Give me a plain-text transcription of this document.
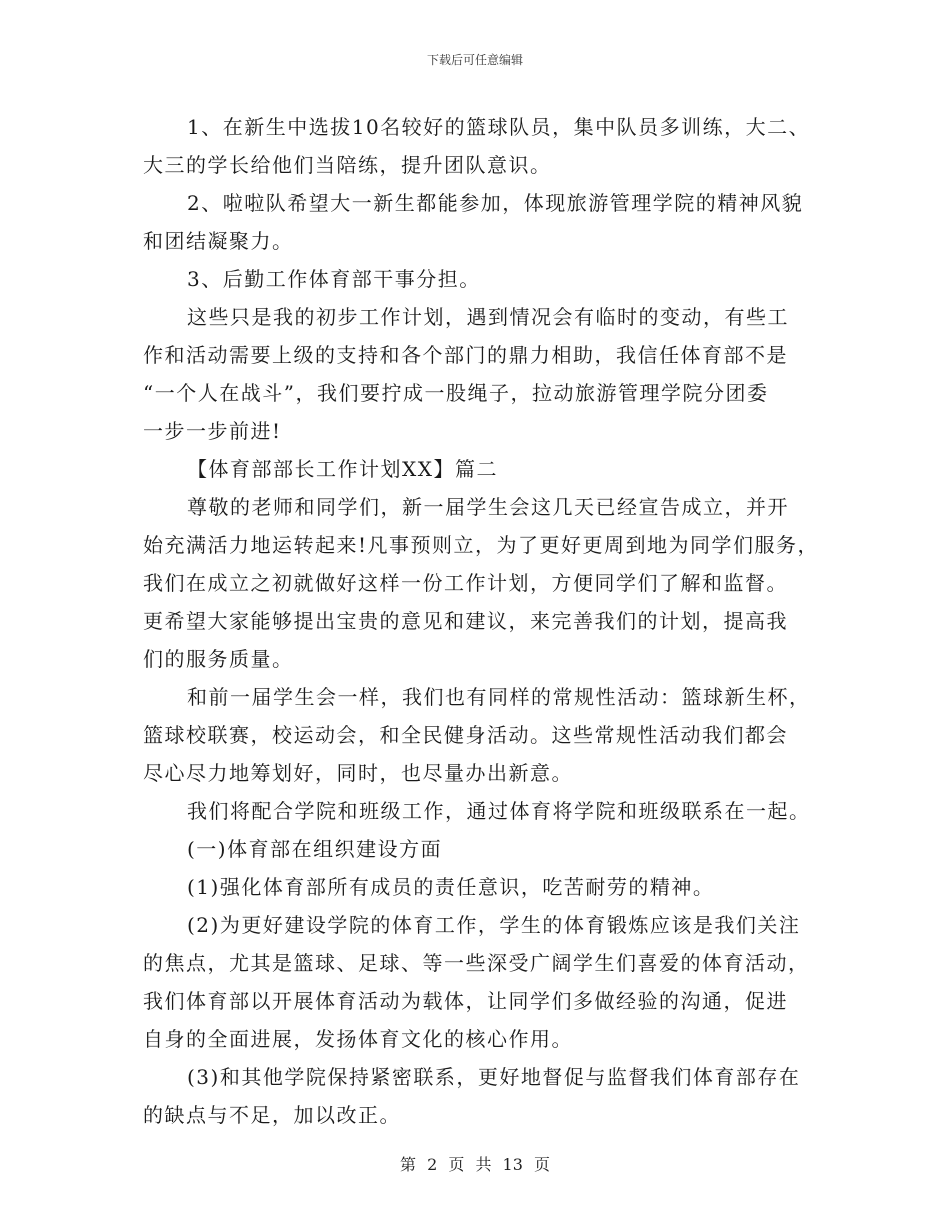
下载后可任意编辑
1、在新生中选拔10名较好的篮球队员，集中队员多训练，大二、
大三的学长给他们当陪练，提升团队意识。
2、啦啦队希望大一新生都能参加，体现旅游管理学院的精神风貌
和团结凝聚力。
3、后勤工作体育部干事分担。
这些只是我的初步工作计划，遇到情况会有临时的变动，有些工
作和活动需要上级的支持和各个部门的鼎力相助，我信任体育部不是
“一个人在战斗”，我们要拧成一股绳子，拉动旅游管理学院分团委
一步一步前进!
【体育部部长工作计划XX】篇二
尊敬的老师和同学们，新一届学生会这几天已经宣告成立，并开
始充满活力地运转起来!凡事预则立，为了更好更周到地为同学们服务，
我们在成立之初就做好这样一份工作计划，方便同学们了解和监督。
更希望大家能够提出宝贵的意见和建议，来完善我们的计划，提高我
们的服务质量。
和前一届学生会一样，我们也有同样的常规性活动：篮球新生杯，
篮球校联赛，校运动会，和全民健身活动。这些常规性活动我们都会
尽心尽力地筹划好，同时，也尽量办出新意。
我们将配合学院和班级工作，通过体育将学院和班级联系在一起。
(一)体育部在组织建设方面
(1)强化体育部所有成员的责任意识，吃苦耐劳的精神。
(2)为更好建设学院的体育工作，学生的体育锻炼应该是我们关注
的焦点，尤其是篮球、足球、等一些深受广阔学生们喜爱的体育活动，
我们体育部以开展体育活动为载体，让同学们多做经验的沟通，促进
自身的全面进展，发扬体育文化的核心作用。
(3)和其他学院保持紧密联系，更好地督促与监督我们体育部存在
的缺点与不足，加以改正。
第 2 页 共 13 页
